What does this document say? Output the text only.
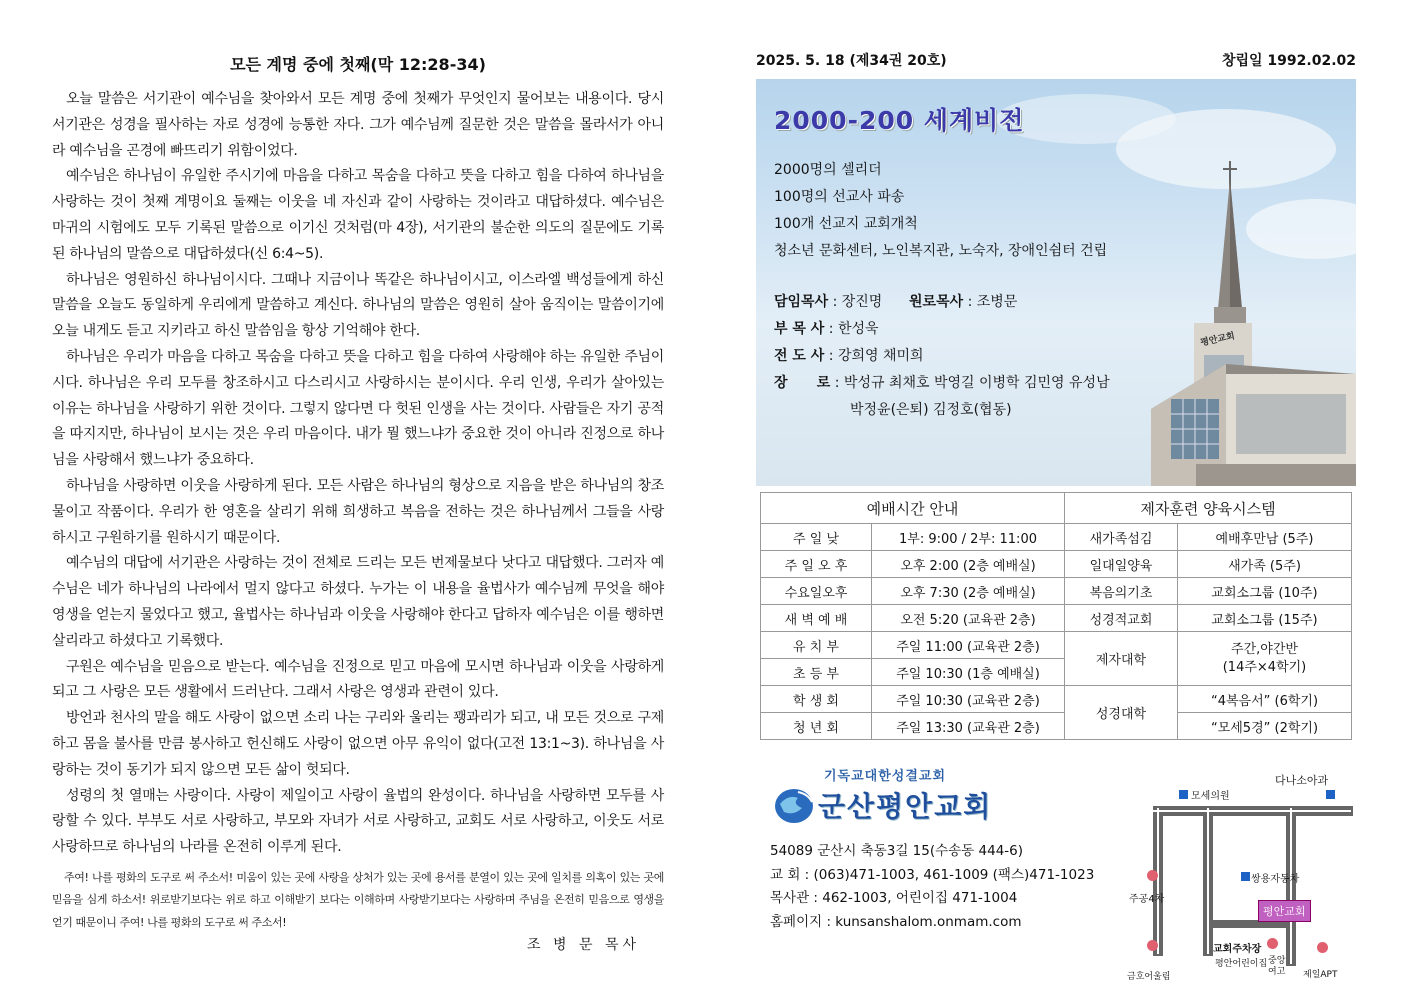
모든 계명 중에 첫째(막 12:28-34)

오늘 말씀은 서기관이 예수님을 찾아와서 모든 계명 중에 첫째가 무엇인지 물어보는 내용이다. 당시 서기관은 성경을 필사하는 자로 성경에 능통한 자다. 그가 예수님께 질문한 것은 말씀을 몰라서가 아니라 예수님을 곤경에 빠뜨리기 위함이었다.

예수님은 하나님이 유일한 주시기에 마음을 다하고 목숨을 다하고 뜻을 다하고 힘을 다하여 하나님을 사랑하는 것이 첫째 계명이요 둘째는 이웃을 네 자신과 같이 사랑하는 것이라고 대답하셨다. 예수님은 마귀의 시험에도 모두 기록된 말씀으로 이기신 것처럼(마 4장), 서기관의 불순한 의도의 질문에도 기록된 하나님의 말씀으로 대답하셨다(신 6:4~5).

하나님은 영원하신 하나님이시다. 그때나 지금이나 똑같은 하나님이시고, 이스라엘 백성들에게 하신 말씀을 오늘도 동일하게 우리에게 말씀하고 계신다. 하나님의 말씀은 영원히 살아 움직이는 말씀이기에 오늘 내게도 듣고 지키라고 하신 말씀임을 항상 기억해야 한다.

하나님은 우리가 마음을 다하고 목숨을 다하고 뜻을 다하고 힘을 다하여 사랑해야 하는 유일한 주님이시다. 하나님은 우리 모두를 창조하시고 다스리시고 사랑하시는 분이시다. 우리 인생, 우리가 살아있는 이유는 하나님을 사랑하기 위한 것이다. 그렇지 않다면 다 헛된 인생을 사는 것이다. 사람들은 자기 공적을 따지지만, 하나님이 보시는 것은 우리 마음이다. 내가 뭘 했느냐가 중요한 것이 아니라 진정으로 하나님을 사랑해서 했느냐가 중요하다.

하나님을 사랑하면 이웃을 사랑하게 된다. 모든 사람은 하나님의 형상으로 지음을 받은 하나님의 창조물이고 작품이다. 우리가 한 영혼을 살리기 위해 희생하고 복음을 전하는 것은 하나님께서 그들을 사랑하시고 구원하기를 원하시기 때문이다.

예수님의 대답에 서기관은 사랑하는 것이 전체로 드리는 모든 번제물보다 낫다고 대답했다. 그러자 예수님은 네가 하나님의 나라에서 멀지 않다고 하셨다. 누가는 이 내용을 율법사가 예수님께 무엇을 해야 영생을 얻는지 물었다고 했고, 율법사는 하나님과 이웃을 사랑해야 한다고 답하자 예수님은 이를 행하면 살리라고 하셨다고 기록했다.

구원은 예수님을 믿음으로 받는다. 예수님을 진정으로 믿고 마음에 모시면 하나님과 이웃을 사랑하게 되고 그 사랑은 모든 생활에서 드러난다. 그래서 사랑은 영생과 관련이 있다.

방언과 천사의 말을 해도 사랑이 없으면 소리 나는 구리와 울리는 꽹과리가 되고, 내 모든 것으로 구제하고 몸을 불사를 만큼 봉사하고 헌신해도 사랑이 없으면 아무 유익이 없다(고전 13:1~3). 하나님을 사랑하는 것이 동기가 되지 않으면 모든 삶이 헛되다.

성령의 첫 열매는 사랑이다. 사랑이 제일이고 사랑이 율법의 완성이다. 하나님을 사랑하면 모두를 사랑할 수 있다. 부부도 서로 사랑하고, 부모와 자녀가 서로 사랑하고, 교회도 서로 사랑하고, 이웃도 서로 사랑하므로 하나님의 나라를 온전히 이루게 된다.

주여! 나를 평화의 도구로 써 주소서! 미움이 있는 곳에 사랑을 상처가 있는 곳에 용서를 분열이 있는 곳에 일치를 의혹이 있는 곳에 믿음을 심게 하소서! 위로받기보다는 위로 하고 이해받기 보다는 이해하며 사랑받기보다는 사랑하며 주님을 온전히 믿음으로 영생을 얻기 때문이니 주여! 나를 평화의 도구로 써 주소서!

조 병 문 목사
2025. 5. 18 (제34권 20호)	창립일 1992.02.02
평안교회
2000-200 세계비전
2000명의 셀리더
100명의 선교사 파송
100개 선교지 교회개척
청소년 문화센터, 노인복지관, 노숙자, 장애인쉼터 건립
담임목사 : 장진명 원로목사 : 조병문
부 목 사 : 한성욱
전 도 사 : 강희영 채미희
장      로 : 박성규 최채호 박영길 이병학 김민영 유성남
박정윤(은퇴) 김정호(협동)
예배시간 안내		제자훈련 양육시스템	
주 일 낮	1부: 9:00 / 2부: 11:00	새가족섬김	예배후만남 (5주)
주 일 오 후	오후 2:00 (2층 예배실)	일대일양육	새가족 (5주)
수요일오후	오후 7:30 (2층 예배실)	복음의기초	교회소그룹 (10주)
새 벽 예 배	오전 5:20 (교육관 2층)	성경적교회	교회소그룹 (15주)
유 치 부	주일 11:00 (교육관 2층)	제자대학	주간,야간반
(14주×4학기)

초 등 부	주일 10:30 (1층 예배실)		
학 생 회	주일 10:30 (교육관 2층)	성경대학	“4복음서” (6학기)
청 년 회	주일 13:30 (교육관 2층)		“모세5경” (2학기)
기독교대한성결교회
군산평안교회
54089 군산시 축동3길 15(수송동 444-6)
교 회 : (063)471-1003, 461-1009 (팩스)471-1023
목사관 : 462-1003, 어린이집 471-1004
홈페이지 : kunsanshalom.onmam.com
다나소아과
모세의원
쌍용자동차
주공4차
평안교회
교회주차장
평안어린이집
금호어울림
중앙
여고 제일APT
